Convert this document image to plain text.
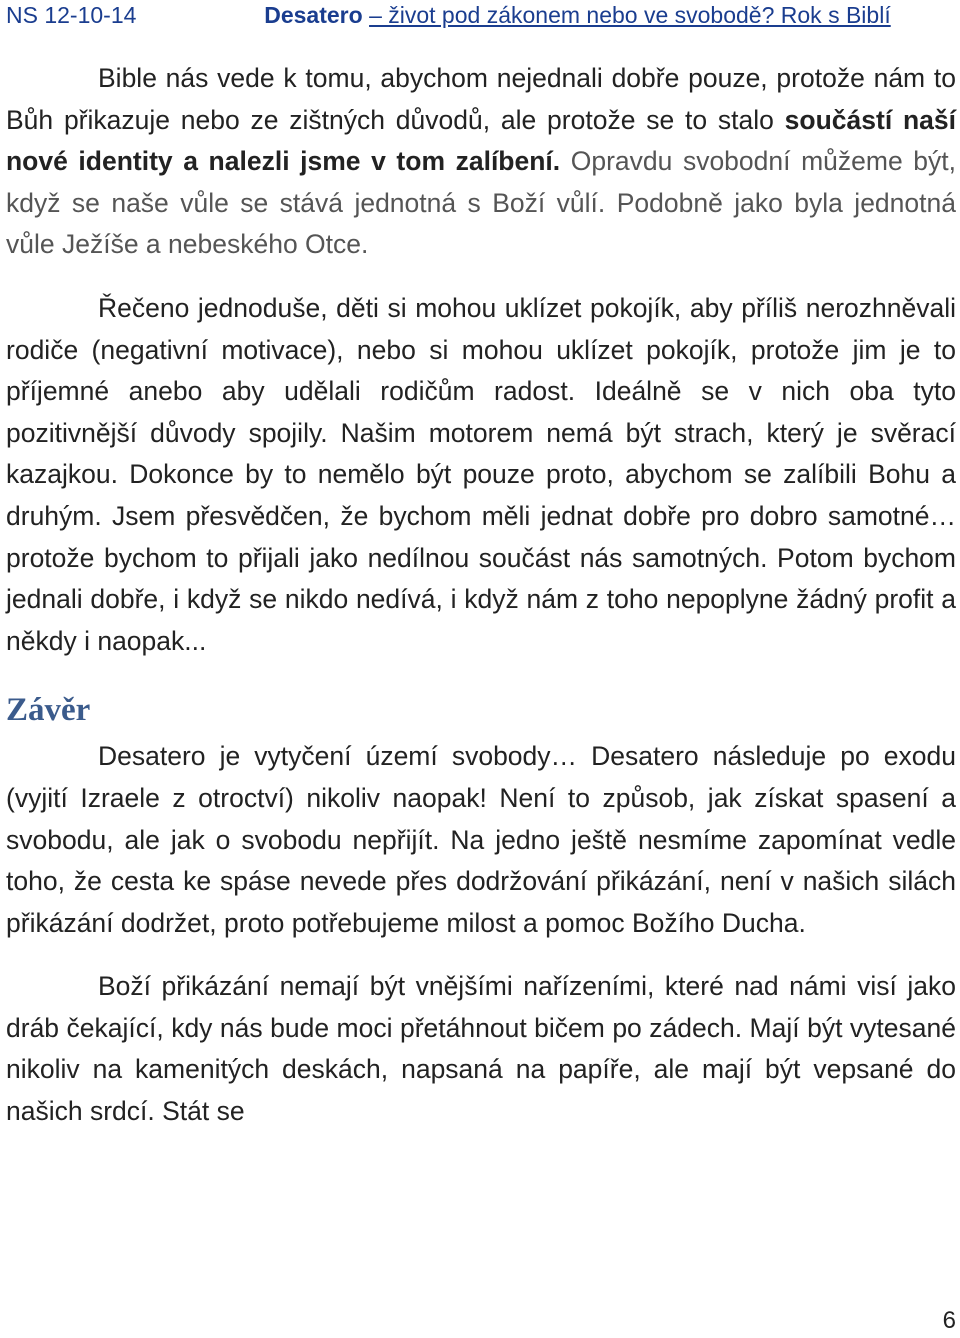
NS 12-10-14	Desatero – život pod zákonem nebo ve svobodě? Rok s Biblí

Bible nás vede k tomu, abychom nejednali dobře pouze, protože nám to Bůh přikazuje nebo ze zištných důvodů, ale protože se to stalo součástí naší nové identity a nalezli jsme v tom zalíbení. Opravdu svobodní můžeme být, když se naše vůle se stává jednotná s Boží vůlí. Podobně jako byla jednotná vůle Ježíše a nebeského Otce.

Řečeno jednoduše, děti si mohou uklízet pokojík, aby příliš nerozhněvali rodiče (negativní motivace), nebo si mohou uklízet pokojík, protože jim je to příjemné anebo aby udělali rodičům radost. Ideálně se v nich oba tyto pozitivnější důvody spojily. Našim motorem nemá být strach, který je svěrací kazajkou. Dokonce by to nemělo být pouze proto, abychom se zalíbili Bohu a druhým. Jsem přesvědčen, že bychom měli jednat dobře pro dobro samotné… protože bychom to přijali jako nedílnou součást nás samotných. Potom bychom jednali dobře, i když se nikdo nedívá, i když nám z toho nepoplyne žádný profit a někdy i naopak...

Závěr

Desatero je vytyčení území svobody… Desatero následuje po exodu (vyjití Izraele z otroctví) nikoliv naopak! Není to způsob, jak získat spasení a svobodu, ale jak o svobodu nepřijít. Na jedno ještě nesmíme zapomínat vedle toho, že cesta ke spáse nevede přes dodržování přikázání, není v našich silách přikázání dodržet, proto potřebujeme milost a pomoc Božího Ducha.

Boží přikázání nemají být vnějšími nařízeními, které nad námi visí jako dráb čekající, kdy nás bude moci přetáhnout bičem po zádech. Mají být vytesané nikoliv na kamenitých deskách, napsaná na papíře, ale mají být vepsané do našich srdcí. Stát se

6
